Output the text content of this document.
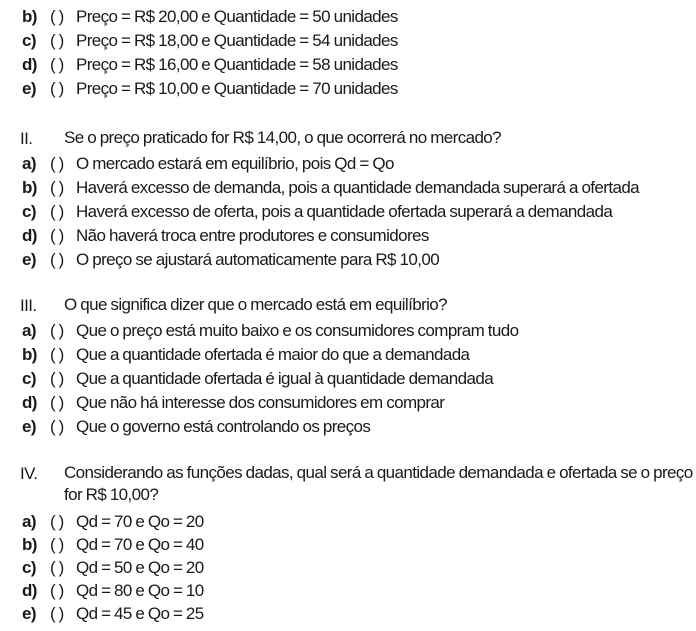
b) ( ) Preço = R$ 20,00 e Quantidade = 50 unidades
c) ( ) Preço = R$ 18,00 e Quantidade = 54 unidades
d) ( ) Preço = R$ 16,00 e Quantidade = 58 unidades
e) ( ) Preço = R$ 10,00 e Quantidade = 70 unidades
II.	Se o preço praticado for R$ 14,00, o que ocorrerá no mercado?
a) ( ) O mercado estará em equilíbrio, pois Qd = Qo
b) ( ) Haverá excesso de demanda, pois a quantidade demandada superará a ofertada
c) ( ) Haverá excesso de oferta, pois a quantidade ofertada superará a demandada
d) ( ) Não haverá troca entre produtores e consumidores
e) ( ) O preço se ajustará automaticamente para R$ 10,00
III.	O que significa dizer que o mercado está em equilíbrio?
a) ( ) Que o preço está muito baixo e os consumidores compram tudo
b) ( ) Que a quantidade ofertada é maior do que a demandada
c) ( ) Que a quantidade ofertada é igual à quantidade demandada
d) ( ) Que não há interesse dos consumidores em comprar
e) ( ) Que o governo está controlando os preços
IV.	Considerando as funções dadas, qual será a quantidade demandada e ofertada se o preço for R$ 10,00?
a) ( ) Qd = 70 e Qo = 20
b) ( ) Qd = 70 e Qo = 40
c) ( ) Qd = 50 e Qo = 20
d) ( ) Qd = 80 e Qo = 10
e) ( ) Qd = 45 e Qo = 25
